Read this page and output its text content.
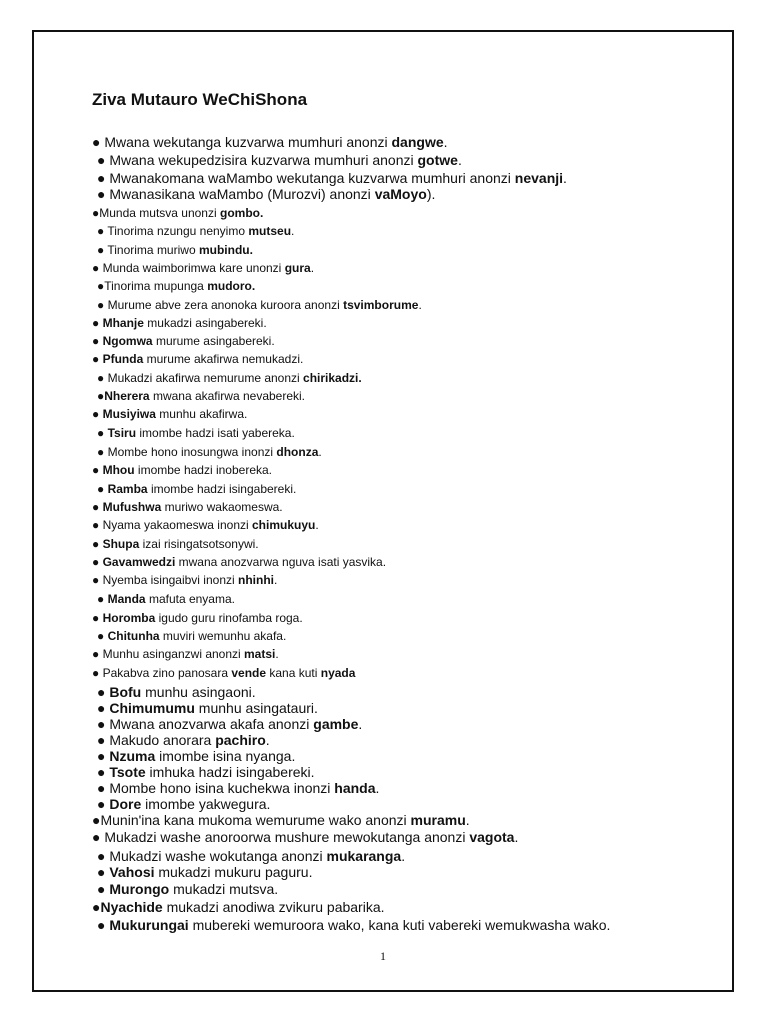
Ziva Mutauro WeChiShona
● Mwana wekutanga kuzvarwa mumhuri anonzi dangwe.
● Mwana wekupedzisira kuzvarwa mumhuri anonzi gotwe.
● Mwanakomana waMambo wekutanga kuzvarwa mumhuri anonzi nevanji.
● Mwanasikana waMambo (Murozvi) anonzi vaMoyo).
●Munda mutsva unonzi gombo.
● Tinorima nzungu nenyimo mutseu.
● Tinorima muriwo mubindu.
● Munda waimborimwa kare unonzi gura.
●Tinorima mupunga mudoro.
● Murume abve zera anonoka kuroora anonzi tsvimborume.
● Mhanje mukadzi asingabereki.
● Ngomwa murume asingabereki.
● Pfunda murume akafirwa nemukadzi.
● Mukadzi akafirwa nemurume anonzi chirikadzi.
●Nherera mwana akafirwa nevabereki.
● Musiyiwa munhu akafirwa.
● Tsiru imombe hadzi isati yabereka.
● Mombe hono inosungwa inonzi dhonza.
● Mhou imombe hadzi inobereka.
● Ramba imombe hadzi isingabereki.
● Mufushwa muriwo wakaomeswa.
● Nyama yakaomeswa inonzi chimukuyu.
● Shupa izai risingatsotsonywi.
● Gavamwedzi mwana anozvarwa nguva isati yasvika.
● Nyemba isingaibvi inonzi nhinhi.
● Manda mafuta enyama.
● Horomba igudo guru rinofamba roga.
● Chitunha muviri wemunhu akafa.
● Munhu asinganzwi anonzi matsi.
● Pakabva zino panosara vende kana kuti nyada
● Bofu munhu asingaoni.
● Chimumumu munhu asingatauri.
● Mwana anozvarwa akafa anonzi gambe.
● Makudo anorara pachiro.
● Nzuma imombe isina nyanga.
● Tsote imhuka hadzi isingabereki.
● Mombe hono isina kuchekwa inonzi handa.
● Dore imombe yakwegura.
●Munin'ina kana mukoma wemurume wako anonzi muramu.
● Mukadzi washe anoroorwa mushure mewokutanga anonzi vagota.
● Mukadzi washe wokutanga anonzi mukaranga.
● Vahosi mukadzi mukuru paguru.
● Murongo mukadzi mutsva.
●Nyachide mukadzi anodiwa zvikuru pabarika.
● Mukurungai mubereki wemuroora wako, kana kuti vabereki wemukwasha wako.
1
